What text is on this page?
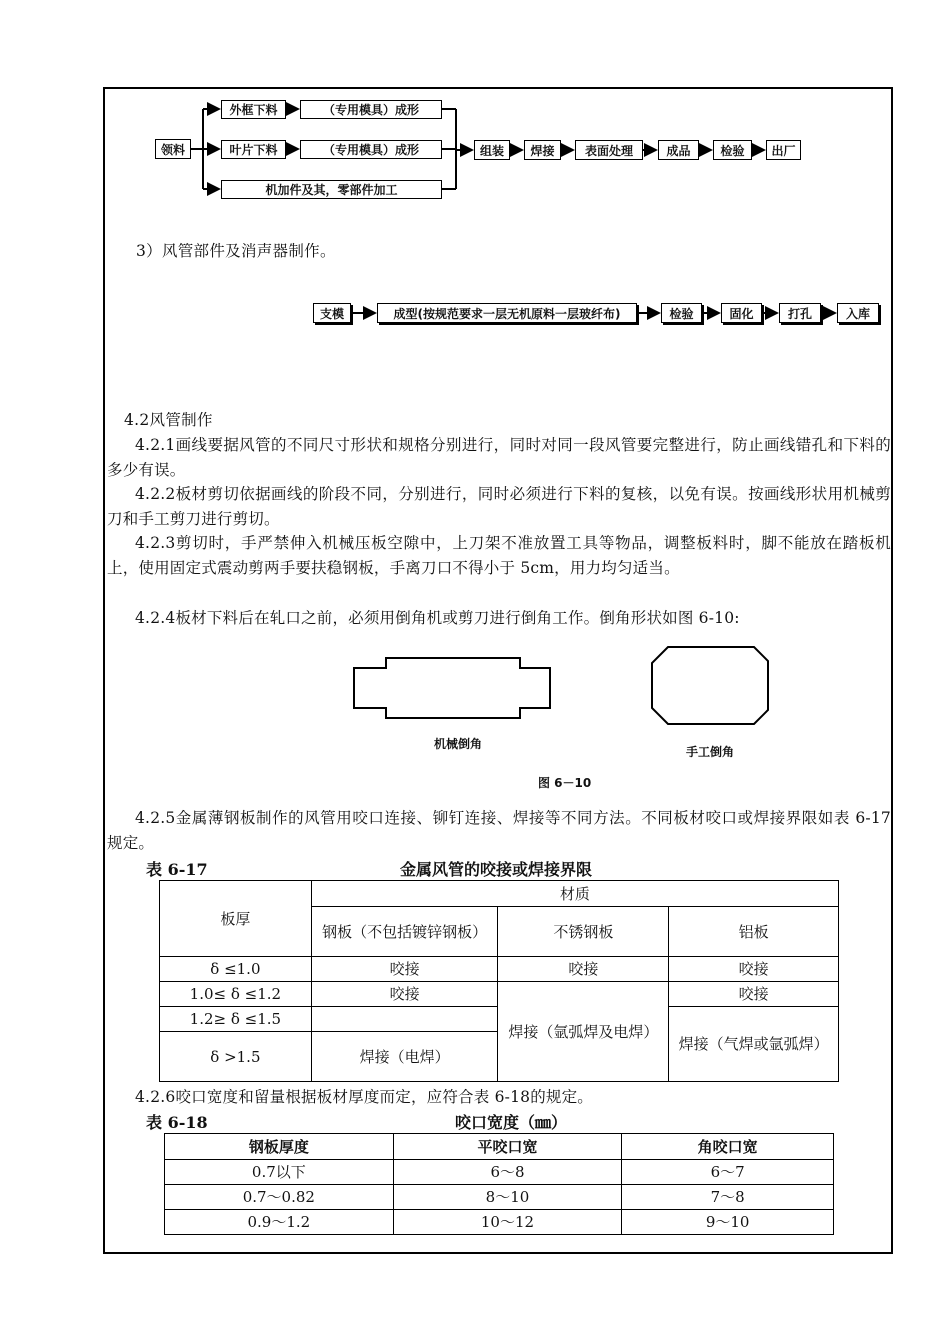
领料
外框下料	（专用模具）成形
叶片下料	（专用模具）成形
机加件及其，零部件加工
组装	焊接	表面处理	成品	检验	出厂
3）风管部件及消声器制作。
支模	成型(按规范要求一层无机原料一层玻纤布)	检验	固化	打孔	入库
4.2风管制作
4.2.1画线要据风管的不同尺寸形状和规格分别进行，同时对同一段风管要完整进行，防止画线错孔和下料的多少有误。
4.2.2板材剪切依据画线的阶段不同，分别进行，同时必须进行下料的复核，以免有误。按画线形状用机械剪刀和手工剪刀进行剪切。
4.2.3剪切时，手严禁伸入机械压板空隙中，上刀架不准放置工具等物品，调整板料时，脚不能放在踏板机上，使用固定式震动剪两手要扶稳钢板，手离刀口不得小于 5cm，用力均匀适当。
4.2.4板材下料后在轧口之前，必须用倒角机或剪刀进行倒角工作。倒角形状如图 6-10:
机械倒角
手工倒角
图 6－10
4.2.5金属薄钢板制作的风管用咬口连接、铆钉连接、焊接等不同方法。不同板材咬口或焊接界限如表 6-17规定。
表 6-17	金属风管的咬接或焊接界限
板厚	材质		
	钢板（不包括镀锌钢板）	不锈钢板	铝板
δ ≤1.0	咬接	咬接	咬接
1.0≤ δ ≤1.2	咬接	焊接（氩弧焊及电焊）	咬接
1.2≥ δ ≤1.5			焊接（气焊或氩弧焊）
δ >1.5	焊接（电焊）		
4.2.6咬口宽度和留量根据板材厚度而定，应符合表 6-18的规定。
表 6-18	咬口宽度（㎜）
钢板厚度	平咬口宽	角咬口宽
0.7以下	6～8	6～7
0.7～0.82	8～10	7～8
0.9～1.2	10～12	9～10
